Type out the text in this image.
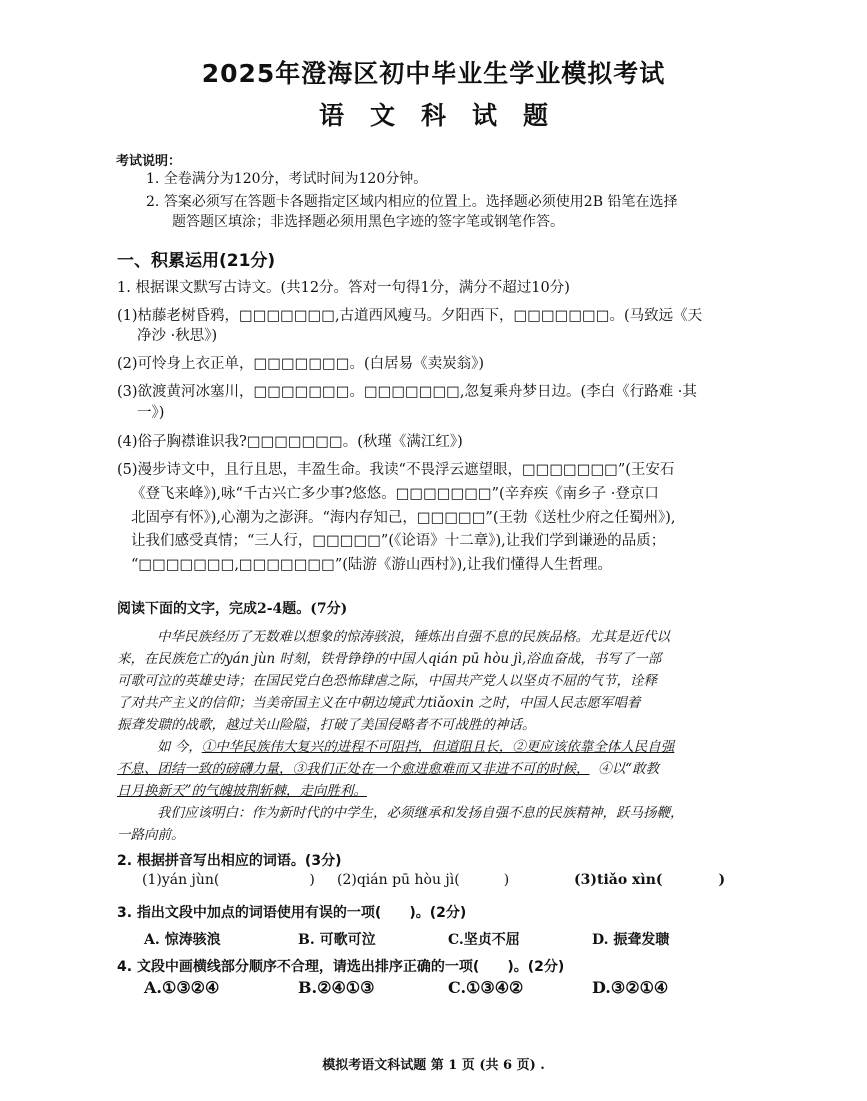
2025年澄海区初中毕业生学业模拟考试
语文科试题
考试说明：
1. 全卷满分为120分，考试时间为120分钟。
2. 答案必须写在答题卡各题指定区域内相应的位置上。选择题必须使用2B 铅笔在选择
题答题区填涂；非选择题必须用黑色字迹的签字笔或钢笔作答。
一、积累运用(21分)
1. 根据课文默写古诗文。(共12分。答对一句得1分，满分不超过10分)
(1)枯藤老树昏鸦，□□□□□□□,古道西风瘦马。夕阳西下，□□□□□□□。(马致远《天
净沙 ·秋思》)
(2)可怜身上衣正单，□□□□□□□。(白居易《卖炭翁》)
(3)欲渡黄河冰塞川，□□□□□□□。□□□□□□□,忽复乘舟梦日边。(李白《行路难 ·其
一》)
(4)俗子胸襟谁识我?□□□□□□□。(秋瑾《满江红》)
(5)漫步诗文中，且行且思，丰盈生命。我读“不畏浮云遮望眼，□□□□□□□”(王安石
《登飞来峰》),咏“千古兴亡多少事?悠悠。□□□□□□□”(辛弃疾《南乡子 ·登京口
北固亭有怀》),心潮为之澎湃。“海内存知己，□□□□□”(王勃《送杜少府之任蜀州》),
让我们感受真情；“三人行，□□□□□”(《论语》十二章》),让我们学到谦逊的品质；
“□□□□□□□,□□□□□□□”(陆游《游山西村》),让我们懂得人生哲理。
阅读下面的文字，完成2-4题。(7分)
中华民族经历了无数难以想象的惊涛骇浪，锤炼出自强不息的民族品格。尤其是近代以
来，在民族危亡的yán jùn 时刻，铁骨铮铮的中国人qián pū hòu jì,浴血奋战，书写了一部
可歌可泣的英雄史诗；在国民党白色恐怖肆虐之际，中国共产党人以坚贞不屈的气节，诠释
了对共产主义的信仰；当美帝国主义在中朝边境武力tiǎoxin 之时，中国人民志愿军唱着
振聋发聩的战歌，越过关山险隘，打破了美国侵略者不可战胜的神话。
如 今，①中华民族伟大复兴的进程不可阻挡，但道阻且长，②更应该依靠全体人民自强
不息、团结一致的磅礴力量，③我们正处在一个愈进愈难而又非进不可的时候， ④以“敢教
日月换新天”的气魄披荆斩棘，走向胜利。
我们应该明白：作为新时代的中学生，必须继承和发扬自强不息的民族精神，跃马扬鞭，
一路向前。
2. 根据拼音写出相应的词语。(3分)
(1)yán jùn(	) (2)qián pū hòu jì(	)	(3)tiǎo xìn(	)
3. 指出文段中加点的词语使用有误的一项(　　)。(2分)
A. 惊涛骇浪	B. 可歌可泣	C.坚贞不屈	D. 振聋发聩
4. 文段中画横线部分顺序不合理，请选出排序正确的一项(　　)。(2分)
A.①③②④	B.②④①③	C.①③④②	D.③②①④
模拟考语文科试题 第 1 页 (共 6 页) .
